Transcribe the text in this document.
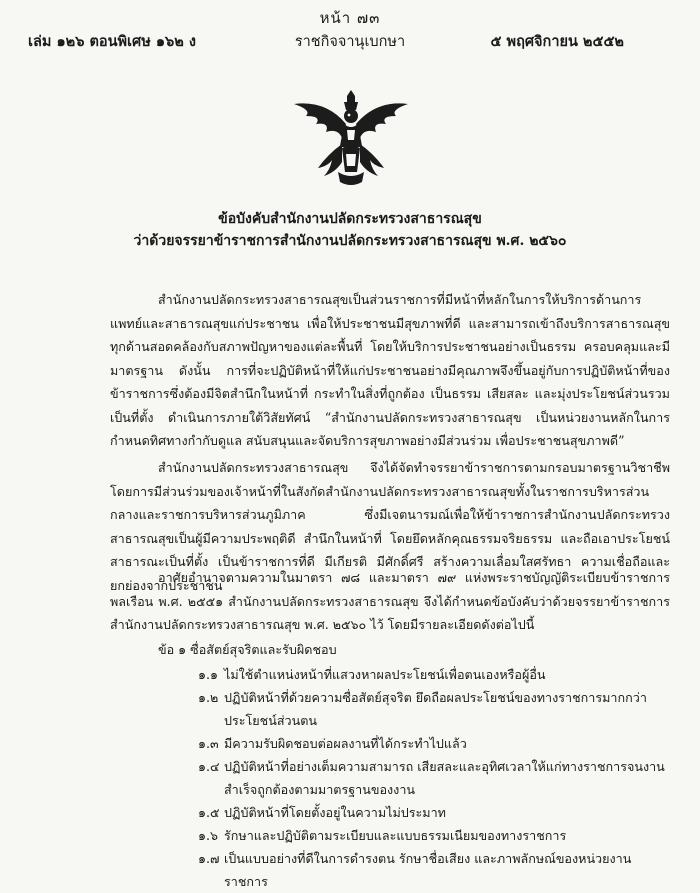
หน้า ๗๓
เล่ม ๑๒๖ ตอนพิเศษ ๑๖๒ ง	ราชกิจจานุเบกษา	๕ พฤศจิกายน ๒๕๕๒
ข้อบังคับสำนักงานปลัดกระทรวงสาธารณสุข
ว่าด้วยจรรยาข้าราชการสำนักงานปลัดกระทรวงสาธารณสุข พ.ศ. ๒๕๖๐

สำนักงานปลัดกระทรวงสาธารณสุขเป็นส่วนราชการที่มีหน้าที่หลักในการให้บริการด้านการแพทย์และสาธารณสุขแก่ประชาชน เพื่อให้ประชาชนมีสุขภาพที่ดี และสามารถเข้าถึงบริการสาธารณสุขทุกด้านสอดคล้องกับสภาพปัญหาของแต่ละพื้นที่ โดยให้บริการประชาชนอย่างเป็นธรรม ครอบคลุมและมีมาตรฐาน ดังนั้น การที่จะปฏิบัติหน้าที่ให้แก่ประชาชนอย่างมีคุณภาพจึงขึ้นอยู่กับการปฏิบัติหน้าที่ของข้าราชการซึ่งต้องมีจิตสำนึกในหน้าที่ กระทำในสิ่งที่ถูกต้อง เป็นธรรม เสียสละ และมุ่งประโยชน์ส่วนรวมเป็นที่ตั้ง ดำเนินการภายใต้วิสัยทัศน์ “สำนักงานปลัดกระทรวงสาธารณสุข เป็นหน่วยงานหลักในการกำหนดทิศทางกำกับดูแล สนับสนุนและจัดบริการสุขภาพอย่างมีส่วนร่วม เพื่อประชาชนสุขภาพดี”

สำนักงานปลัดกระทรวงสาธารณสุข จึงได้จัดทำจรรยาข้าราชการตามกรอบมาตรฐานวิชาชีพโดยการมีส่วนร่วมของเจ้าหน้าที่ในสังกัดสำนักงานปลัดกระทรวงสาธารณสุขทั้งในราชการบริหารส่วนกลางและราชการบริหารส่วนภูมิภาค ซึ่งมีเจตนารมณ์เพื่อให้ข้าราชการสำนักงานปลัดกระทรวงสาธารณสุขเป็นผู้มีความประพฤติดี สำนึกในหน้าที่ โดยยึดหลักคุณธรรมจริยธรรม และถือเอาประโยชน์สาธารณะเป็นที่ตั้ง เป็นข้าราชการที่ดี มีเกียรติ มีศักดิ์ศรี สร้างความเลื่อมใสศรัทธา ความเชื่อถือและยกย่องจากประชาชน

อาศัยอำนาจตามความในมาตรา ๗๘ และมาตรา ๗๙ แห่งพระราชบัญญัติระเบียบข้าราชการพลเรือน พ.ศ. ๒๕๕๑ สำนักงานปลัดกระทรวงสาธารณสุข จึงได้กำหนดข้อบังคับว่าด้วยจรรยาข้าราชการสำนักงานปลัดกระทรวงสาธารณสุข พ.ศ. ๒๕๖๐ ไว้ โดยมีรายละเอียดดังต่อไปนี้

ข้อ ๑ ซื่อสัตย์สุจริตและรับผิดชอบ
๑.๑ ไม่ใช้ตำแหน่งหน้าที่แสวงหาผลประโยชน์เพื่อตนเองหรือผู้อื่น
๑.๒ ปฏิบัติหน้าที่ด้วยความซื่อสัตย์สุจริต ยึดถือผลประโยชน์ของทางราชการมากกว่าประโยชน์ส่วนตน
๑.๓ มีความรับผิดชอบต่อผลงานที่ได้กระทำไปแล้ว
๑.๔ ปฏิบัติหน้าที่อย่างเต็มความสามารถ เสียสละและอุทิศเวลาให้แก่ทางราชการจนงานสำเร็จถูกต้องตามมาตรฐานของงาน
๑.๕ ปฏิบัติหน้าที่โดยตั้งอยู่ในความไม่ประมาท
๑.๖ รักษาและปฏิบัติตามระเบียบและแบบธรรมเนียมของทางราชการ
๑.๗ เป็นแบบอย่างที่ดีในการดำรงตน รักษาชื่อเสียง และภาพลักษณ์ของหน่วยงานราชการ
